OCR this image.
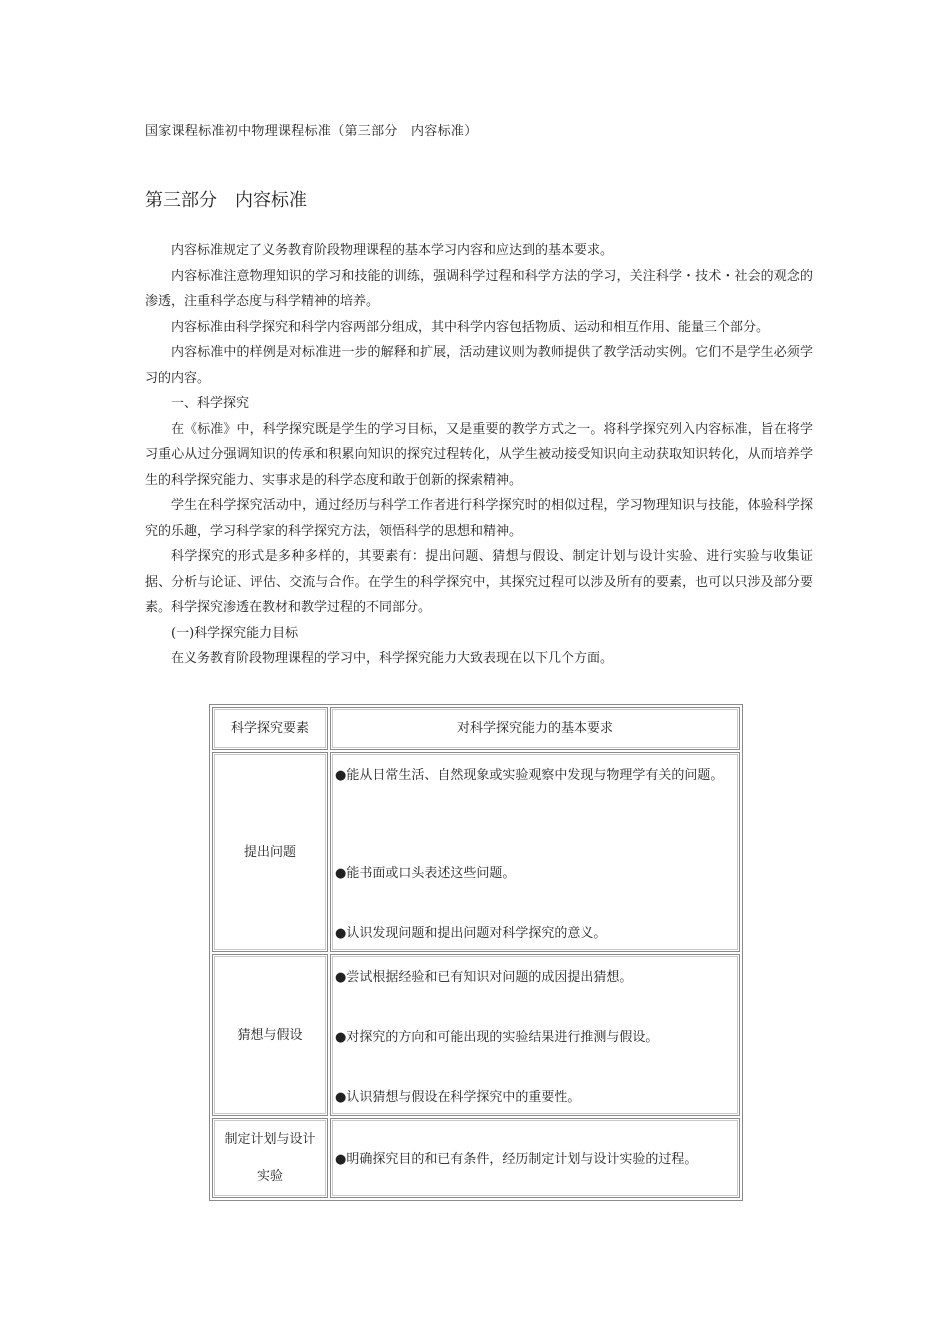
国家课程标准初中物理课程标准（第三部分　内容标准）
第三部分　内容标准

内容标准规定了义务教育阶段物理课程的基本学习内容和应达到的基本要求。

内容标准注意物理知识的学习和技能的训练，强调科学过程和科学方法的学习，关注科学・技术・社会的观念的渗透，注重科学态度与科学精神的培养。

内容标准由科学探究和科学内容两部分组成，其中科学内容包括物质、运动和相互作用、能量三个部分。

内容标准中的样例是对标准进一步的解释和扩展，活动建议则为教师提供了教学活动实例。它们不是学生必须学习的内容。

一、科学探究

在《标准》中，科学探究既是学生的学习目标，又是重要的教学方式之一。将科学探究列入内容标准，旨在将学习重心从过分强调知识的传承和积累向知识的探究过程转化，从学生被动接受知识向主动获取知识转化，从而培养学生的科学探究能力、实事求是的科学态度和敢于创新的探索精神。

学生在科学探究活动中，通过经历与科学工作者进行科学探究时的相似过程，学习物理知识与技能，体验科学探究的乐趣，学习科学家的科学探究方法，领悟科学的思想和精神。

科学探究的形式是多种多样的，其要素有：提出问题、猜想与假设、制定计划与设计实验、进行实验与收集证据、分析与论证、评估、交流与合作。在学生的科学探究中，其探究过程可以涉及所有的要素，也可以只涉及部分要素。科学探究渗透在教材和教学过程的不同部分。

(一)科学探究能力目标

在义务教育阶段物理课程的学习中，科学探究能力大致表现在以下几个方面。

科学探究要素	对科学探究能力的基本要求
提出问题
●能从日常生活、自然现象或实验观察中发现与物理学有关的问题。
●能书面或口头表述这些问题。
●认识发现问题和提出问题对科学探究的意义。
猜想与假设
●尝试根据经验和已有知识对问题的成因提出猜想。
●对探究的方向和可能出现的实验结果进行推测与假设。
●认识猜想与假设在科学探究中的重要性。
制定计划与设计实验
●明确探究目的和已有条件，经历制定计划与设计实验的过程。
